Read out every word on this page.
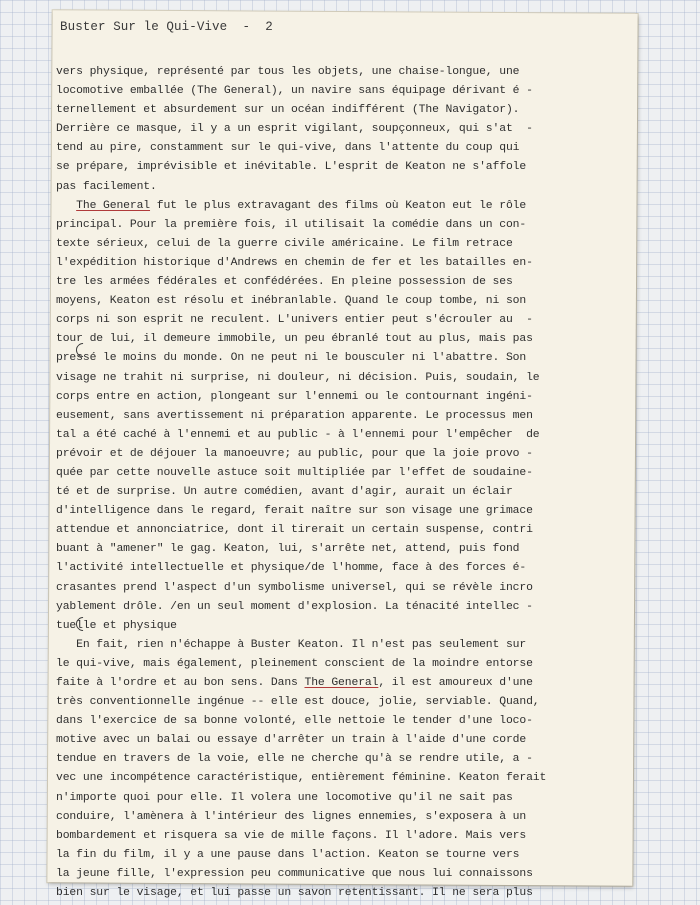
Buster Sur le Qui-Vive - 2
vers physique, représenté par tous les objets, une chaise-longue, une
locomotive emballée (The General), un navire sans équipage dérivant é -
ternellement et absurdement sur un océan indifférent (The Navigator).
Derrière ce masque, il y a un esprit vigilant, soupçonneux, qui s'at  -
tend au pire, constamment sur le qui-vive, dans l'attente du coup qui
se prépare, imprévisible et inévitable. L'esprit de Keaton ne s'affole
pas facilement.
The General fut le plus extravagant des films où Keaton eut le rôle
principal. Pour la première fois, il utilisait la comédie dans un con-
texte sérieux, celui de la guerre civile américaine. Le film retrace
l'expédition historique d'Andrews en chemin de fer et les batailles en-
tre les armées fédérales et confédérées. En pleine possession de ses
moyens, Keaton est résolu et inébranlable. Quand le coup tombe, ni son
corps ni son esprit ne reculent. L'univers entier peut s'écrouler au  -
tour de lui, il demeure immobile, un peu ébranlé tout au plus, mais pas
pressé le moins du monde. On ne peut ni le bousculer ni l'abattre. Son
visage ne trahit ni surprise, ni douleur, ni décision. Puis, soudain, le
corps entre en action, plongeant sur l'ennemi ou le contournant ingéni-
eusement, sans avertissement ni préparation apparente. Le processus men
tal a été caché à l'ennemi et au public - à l'ennemi pour l'empêcher  de
prévoir et de déjouer la manoeuvre; au public, pour que la joie provo -
quée par cette nouvelle astuce soit multipliée par l'effet de soudaine-
té et de surprise. Un autre comédien, avant d'agir, aurait un éclair
d'intelligence dans le regard, ferait naître sur son visage une grimace
attendue et annonciatrice, dont il tirerait un certain suspense, contri
buant à "amener" le gag. Keaton, lui, s'arrête net, attend, puis fond
l'activité intellectuelle et physique/de l'homme, face à des forces é-
crasantes prend l'aspect d'un symbolisme universel, qui se révèle incro
yablement drôle. /en un seul moment d'explosion. La ténacité intellec -
tuelle et physique
En fait, rien n'échappe à Buster Keaton. Il n'est pas seulement sur
le qui-vive, mais également, pleinement conscient de la moindre entorse
faite à l'ordre et au bon sens. Dans The General, il est amoureux d'une
très conventionnelle ingénue -- elle est douce, jolie, serviable. Quand,
dans l'exercice de sa bonne volonté, elle nettoie le tender d'une loco-
motive avec un balai ou essaye d'arrêter un train à l'aide d'une corde
tendue en travers de la voie, elle ne cherche qu'à se rendre utile, a -
vec une incompétence caractéristique, entièrement féminine. Keaton ferait
n'importe quoi pour elle. Il volera une locomotive qu'il ne sait pas
conduire, l'amènera à l'intérieur des lignes ennemies, s'exposera à un
bombardement et risquera sa vie de mille façons. Il l'adore. Mais vers
la fin du film, il y a une pause dans l'action. Keaton se tourne vers
la jeune fille, l'expression peu communicative que nous lui connaissons
bien sur le visage, et lui passe un savon retentissant. Il ne sera plus
